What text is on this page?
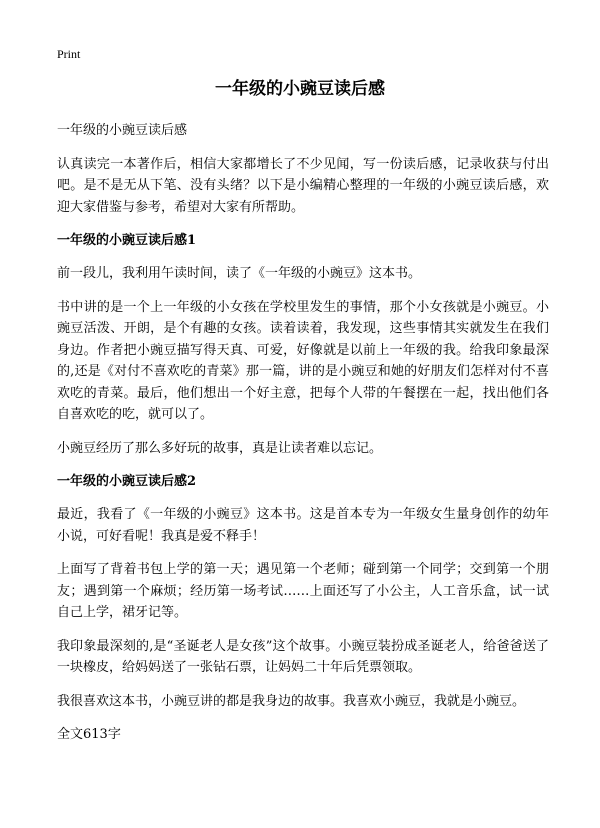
Print
一年级的小豌豆读后感

一年级的小豌豆读后感

认真读完一本著作后，相信大家都增长了不少见闻，写一份读后感，记录收获与付出吧。是不是无从下笔、没有头绪？以下是小编精心整理的一年级的小豌豆读后感，欢迎大家借鉴与参考，希望对大家有所帮助。

一年级的小豌豆读后感1

前一段儿，我利用午读时间，读了《一年级的小豌豆》这本书。

书中讲的是一个上一年级的小女孩在学校里发生的事情，那个小女孩就是小豌豆。小豌豆活泼、开朗，是个有趣的女孩。读着读着，我发现，这些事情其实就发生在我们身边。作者把小豌豆描写得天真、可爱，好像就是以前上一年级的我。给我印象最深的,还是《对付不喜欢吃的青菜》那一篇，讲的是小豌豆和她的好朋友们怎样对付不喜欢吃的青菜。最后，他们想出一个好主意，把每个人带的午餐摆在一起，找出他们各自喜欢吃的吃，就可以了。

小豌豆经历了那么多好玩的故事，真是让读者难以忘记。

一年级的小豌豆读后感2

最近，我看了《一年级的小豌豆》这本书。这是首本专为一年级女生量身创作的幼年小说，可好看呢！我真是爱不释手！

上面写了背着书包上学的第一天；遇见第一个老师；碰到第一个同学；交到第一个朋友；遇到第一个麻烦；经历第一场考试……上面还写了小公主，人工音乐盒，试一试自己上学，裙牙记等。

我印象最深刻的,是“圣诞老人是女孩”这个故事。小豌豆装扮成圣诞老人，给爸爸送了一块橡皮，给妈妈送了一张钻石票，让妈妈二十年后凭票领取。

我很喜欢这本书，小豌豆讲的都是我身边的故事。我喜欢小豌豆，我就是小豌豆。

全文613字
